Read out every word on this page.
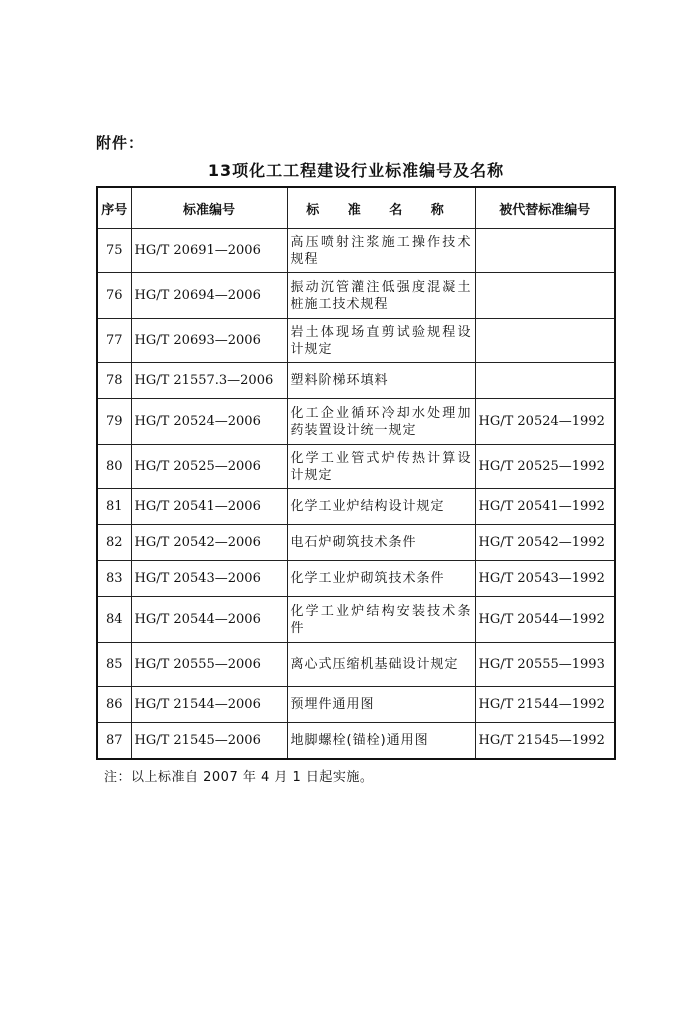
附件：
13项化工工程建设行业标准编号及名称
序号	标准编号	标 准 名 称	被代替标准编号
75	HG/T 20691—2006	高压喷射注浆施工操作技术规程	
76	HG/T 20694—2006	振动沉管灌注低强度混凝土桩施工技术规程	
77	HG/T 20693—2006	岩土体现场直剪试验规程设计规定	
78	HG/T 21557.3—2006	塑料阶梯环填料	
79	HG/T 20524—2006	化工企业循环冷却水处理加药装置设计统一规定	HG/T 20524—1992
80	HG/T 20525—2006	化学工业管式炉传热计算设计规定	HG/T 20525—1992
81	HG/T 20541—2006	化学工业炉结构设计规定	HG/T 20541—1992
82	HG/T 20542—2006	电石炉砌筑技术条件	HG/T 20542—1992
83	HG/T 20543—2006	化学工业炉砌筑技术条件	HG/T 20543—1992
84	HG/T 20544—2006	化学工业炉结构安装技术条件	HG/T 20544—1992
85	HG/T 20555—2006	离心式压缩机基础设计规定	HG/T 20555—1993
86	HG/T 21544—2006	预埋件通用图	HG/T 21544—1992
87	HG/T 21545—2006	地脚螺栓(锚栓)通用图	HG/T 21545—1992
注：以上标准自 2007 年 4 月 1 日起实施。
